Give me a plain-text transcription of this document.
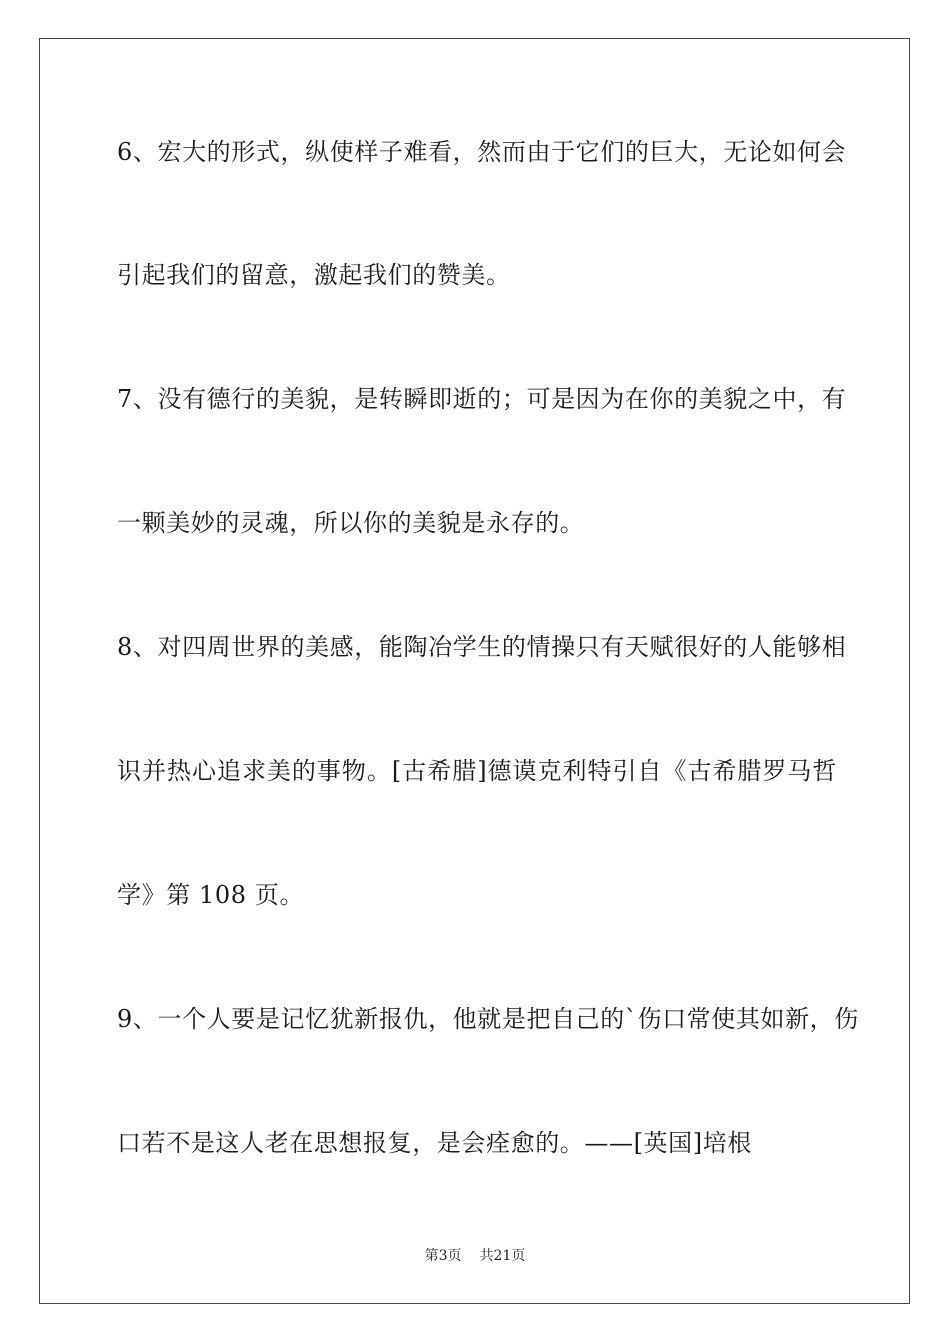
6、宏大的形式，纵使样子难看，然而由于它们的巨大，无论如何会
引起我们的留意，激起我们的赞美。
7、没有德行的美貌，是转瞬即逝的；可是因为在你的美貌之中，有
一颗美妙的灵魂，所以你的美貌是永存的。
8、对四周世界的美感，能陶冶学生的情操只有天赋很好的人能够相
识并热心追求美的事物。[古希腊]德谟克利特引自《古希腊罗马哲
学》第 108 页。
9、一个人要是记忆犹新报仇，他就是把自己的`伤口常使其如新，伤
口若不是这人老在思想报复，是会痊愈的。——[英国]培根
第3页 共21页
